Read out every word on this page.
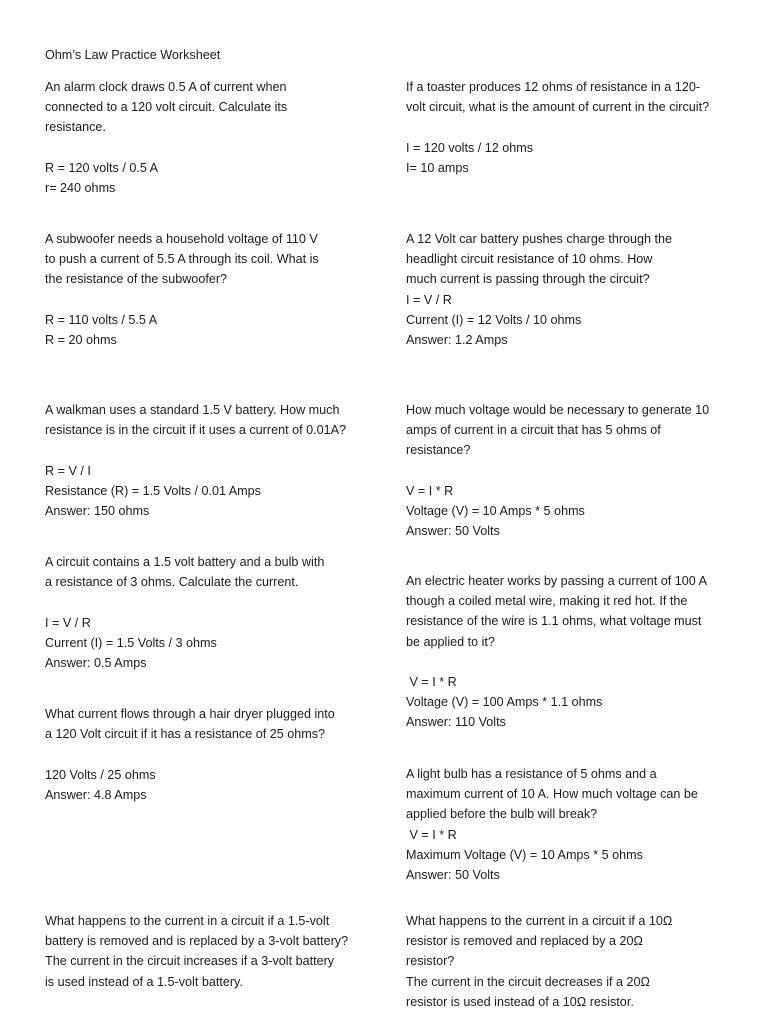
Ohm’s Law Practice Worksheet
An alarm clock draws 0.5 A of current when
connected to a 120 volt circuit. Calculate its
resistance.
R = 120 volts / 0.5 A
r= 240 ohms
A subwoofer needs a household voltage of 110 V
to push a current of 5.5 A through its coil. What is
the resistance of the subwoofer?
R = 110 volts / 5.5 A
R = 20 ohms
A walkman uses a standard 1.5 V battery. How much
resistance is in the circuit if it uses a current of 0.01A?
R = V / I
Resistance (R) = 1.5 Volts / 0.01 Amps
Answer: 150 ohms
A circuit contains a 1.5 volt battery and a bulb with
a resistance of 3 ohms. Calculate the current.
I = V / R
Current (I) = 1.5 Volts / 3 ohms
Answer: 0.5 Amps
What current flows through a hair dryer plugged into
a 120 Volt circuit if it has a resistance of 25 ohms?
120 Volts / 25 ohms
Answer: 4.8 Amps
What happens to the current in a circuit if a 1.5-volt
battery is removed and is replaced by a 3-volt battery?
The current in the circuit increases if a 3-volt battery
is used instead of a 1.5-volt battery.
If a toaster produces 12 ohms of resistance in a 120-
volt circuit, what is the amount of current in the circuit?
I = 120 volts / 12 ohms
I= 10 amps
A 12 Volt car battery pushes charge through the
headlight circuit resistance of 10 ohms. How
much current is passing through the circuit?
I = V / R
Current (I) = 12 Volts / 10 ohms
Answer: 1.2 Amps
How much voltage would be necessary to generate 10
amps of current in a circuit that has 5 ohms of
resistance?
V = I * R
Voltage (V) = 10 Amps * 5 ohms
Answer: 50 Volts
An electric heater works by passing a current of 100 A
though a coiled metal wire, making it red hot. If the
resistance of the wire is 1.1 ohms, what voltage must
be applied to it?
V = I * R
Voltage (V) = 100 Amps * 1.1 ohms
Answer: 110 Volts
A light bulb has a resistance of 5 ohms and a
maximum current of 10 A. How much voltage can be
applied before the bulb will break?
V = I * R
Maximum Voltage (V) = 10 Amps * 5 ohms
Answer: 50 Volts
What happens to the current in a circuit if a 10Ω
resistor is removed and replaced by a 20Ω
resistor?
The current in the circuit decreases if a 20Ω
resistor is used instead of a 10Ω resistor.
